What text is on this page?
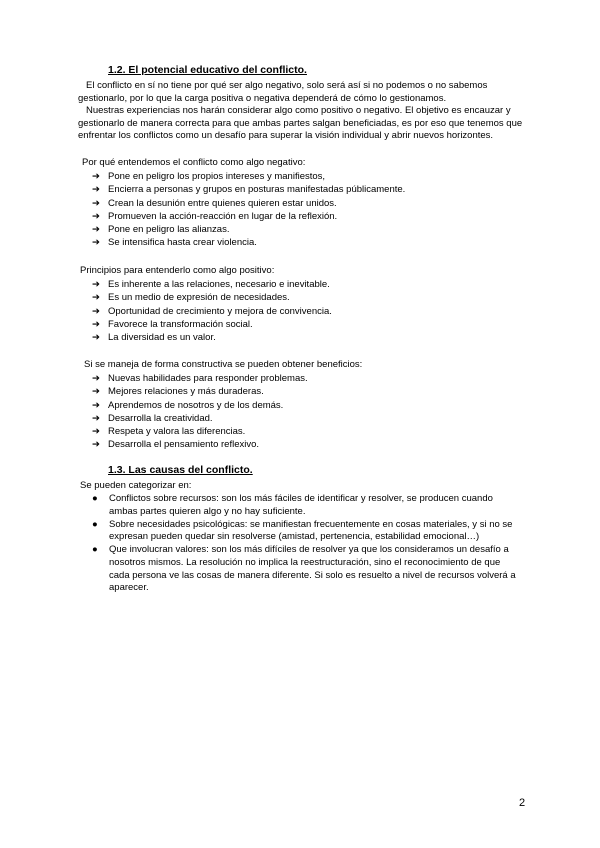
1.2. El potencial educativo del conflicto.
El conflicto en sí no tiene por qué ser algo negativo, solo será así si no podemos o no sabemos gestionarlo, por lo que la carga positiva o negativa dependerá de cómo lo gestionamos.
Nuestras experiencias nos harán considerar algo como positivo o negativo. El objetivo es encauzar y gestionarlo de manera correcta para que ambas partes salgan beneficiadas, es por eso que tenemos que enfrentar los conflictos como un desafío para superar la visión individual y abrir nuevos horizontes.
Por qué entendemos el conflicto como algo negativo:
➔ Pone en peligro los propios intereses y manifiestos,
➔ Encierra a personas y grupos en posturas manifestadas públicamente.
➔ Crean la desunión entre quienes quieren estar unidos.
➔ Promueven la acción-reacción en lugar de la reflexión.
➔ Pone en peligro las alianzas.
➔ Se intensifica hasta crear violencia.
Principios para entenderlo como algo positivo:
➔ Es inherente a las relaciones, necesario e inevitable.
➔ Es un medio de expresión de necesidades.
➔ Oportunidad de crecimiento y mejora de convivencia.
➔ Favorece la transformación social.
➔ La diversidad es un valor.
Si se maneja de forma constructiva se pueden obtener beneficios:
➔ Nuevas habilidades para responder problemas.
➔ Mejores relaciones y más duraderas.
➔ Aprendemos de nosotros y de los demás.
➔ Desarrolla la creatividad.
➔ Respeta y valora las diferencias.
➔ Desarrolla el pensamiento reflexivo.
1.3. Las causas del conflicto.
Se pueden categorizar en:
● Conflictos sobre recursos: son los más fáciles de identificar y resolver, se producen cuando ambas partes quieren algo y no hay suficiente.
● Sobre necesidades psicológicas: se manifiestan frecuentemente en cosas materiales, y si no se expresan pueden quedar sin resolverse (amistad, pertenencia, estabilidad emocional…)
● Que involucran valores: son los más difíciles de resolver ya que los consideramos un desafío a nosotros mismos. La resolución no implica la reestructuración, sino el reconocimiento de que cada persona ve las cosas de manera diferente. Si solo es resuelto a nivel de recursos volverá a aparecer.
2
